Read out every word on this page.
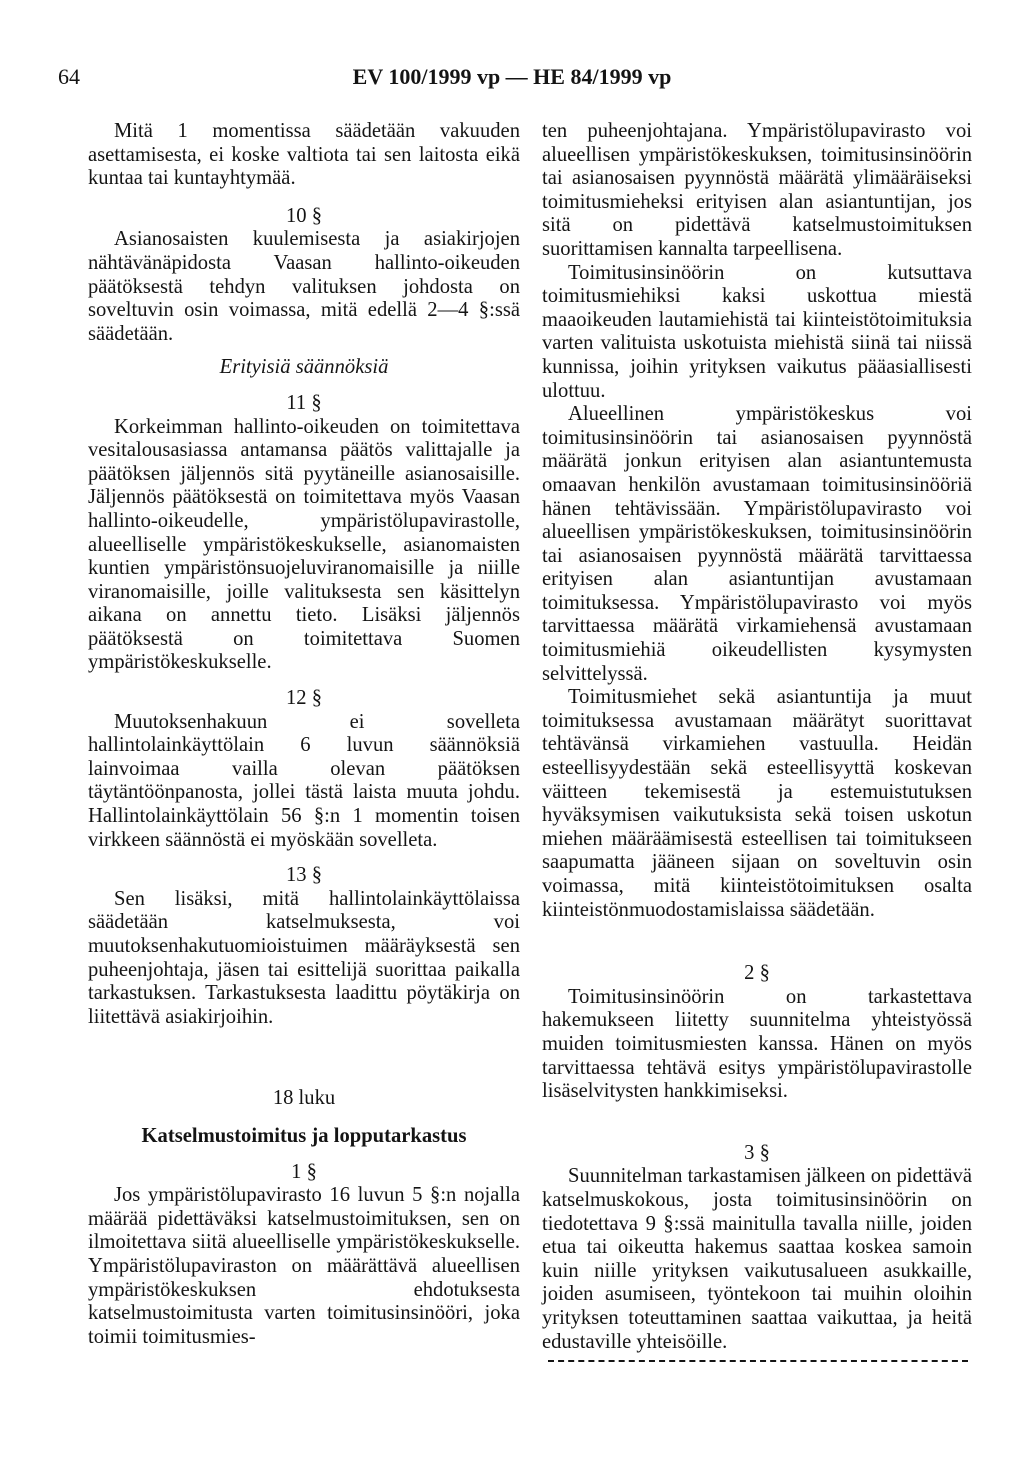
64	EV 100/1999 vp — HE 84/1999 vp

Mitä 1 momentissa säädetään vakuuden asettamisesta, ei koske valtiota tai sen laitosta eikä kuntaa tai kuntayhtymää.

10 §

Asianosaisten kuulemisesta ja asiakirjojen nähtävänäpidosta Vaasan hallinto-oikeuden päätöksestä tehdyn valituksen johdosta on soveltuvin osin voimassa, mitä edellä 2—4 §:ssä säädetään.

Erityisiä säännöksiä

11 §

Korkeimman hallinto-oikeuden on toimitettava vesitalousasiassa antamansa päätös valittajalle ja päätöksen jäljennös sitä pyytäneille asianosaisille. Jäljennös päätöksestä on toimitettava myös Vaasan hallinto-oikeudelle, ympäristölupavirastolle, alueelliselle ympäristökeskukselle, asianomaisten kuntien ympäristönsuojeluviranomaisille ja niille viranomaisille, joille valituksesta sen käsittelyn aikana on annettu tieto. Lisäksi jäljennös päätöksestä on toimitettava Suomen ympäristökeskukselle.

12 §

Muutoksenhakuun ei sovelleta hallintolainkäyttölain 6 luvun säännöksiä lainvoimaa vailla olevan päätöksen täytäntöönpanosta, jollei tästä laista muuta johdu. Hallintolainkäyttölain 56 §:n 1 momentin toisen virkkeen säännöstä ei myöskään sovelleta.

13 §

Sen lisäksi, mitä hallintolainkäyttölaissa säädetään katselmuksesta, voi muutoksenhakutuomioistuimen määräyksestä sen puheenjohtaja, jäsen tai esittelijä suorittaa paikalla tarkastuksen. Tarkastuksesta laadittu pöytäkirja on liitettävä asiakirjoihin.

18 luku

Katselmustoimitus ja lopputarkastus

1 §

Jos ympäristölupavirasto 16 luvun 5 §:n nojalla määrää pidettäväksi katselmustoimituksen, sen on ilmoitettava siitä alueelliselle ympäristökeskukselle. Ympäristölupaviraston on määrättävä alueellisen ympäristökeskuksen ehdotuksesta katselmustoimitusta varten toimitusinsinööri, joka toimii toimitusmies-

ten puheenjohtajana. Ympäristölupavirasto voi alueellisen ympäristökeskuksen, toimitusinsinöörin tai asianosaisen pyynnöstä määrätä ylimääräiseksi toimitusmieheksi erityisen alan asiantuntijan, jos sitä on pidettävä katselmustoimituksen suorittamisen kannalta tarpeellisena.

Toimitusinsinöörin on kutsuttava toimitusmiehiksi kaksi uskottua miestä maaoikeuden lautamiehistä tai kiinteistötoimituksia varten valituista uskotuista miehistä siinä tai niissä kunnissa, joihin yrityksen vaikutus pääasiallisesti ulottuu.

Alueellinen ympäristökeskus voi toimitusinsinöörin tai asianosaisen pyynnöstä määrätä jonkun erityisen alan asiantuntemusta omaavan henkilön avustamaan toimitusinsinööriä hänen tehtävissään. Ympäristölupavirasto voi alueellisen ympäristökeskuksen, toimitusinsinöörin tai asianosaisen pyynnöstä määrätä tarvittaessa erityisen alan asiantuntijan avustamaan toimituksessa. Ympäristölupavirasto voi myös tarvittaessa määrätä virkamiehensä avustamaan toimitusmiehiä oikeudellisten kysymysten selvittelyssä.

Toimitusmiehet sekä asiantuntija ja muut toimituksessa avustamaan määrätyt suorittavat tehtävänsä virkamiehen vastuulla. Heidän esteellisyydestään sekä esteellisyyttä koskevan väitteen tekemisestä ja estemuistutuksen hyväksymisen vaikutuksista sekä toisen uskotun miehen määräämisestä esteellisen tai toimitukseen saapumatta jääneen sijaan on soveltuvin osin voimassa, mitä kiinteistötoimituksen osalta kiinteistönmuodostamislaissa säädetään.

2 §

Toimitusinsinöörin on tarkastettava hakemukseen liitetty suunnitelma yhteistyössä muiden toimitusmiesten kanssa. Hänen on myös tarvittaessa tehtävä esitys ympäristölupavirastolle lisäselvitysten hankkimiseksi.

3 §

Suunnitelman tarkastamisen jälkeen on pidettävä katselmuskokous, josta toimitusinsinöörin on tiedotettava 9 §:ssä mainitulla tavalla niille, joiden etua tai oikeutta hakemus saattaa koskea samoin kuin niille yrityksen vaikutusalueen asukkaille, joiden asumiseen, työntekoon tai muihin oloihin yrityksen toteuttaminen saattaa vaikuttaa, ja heitä edustaville yhteisöille.
